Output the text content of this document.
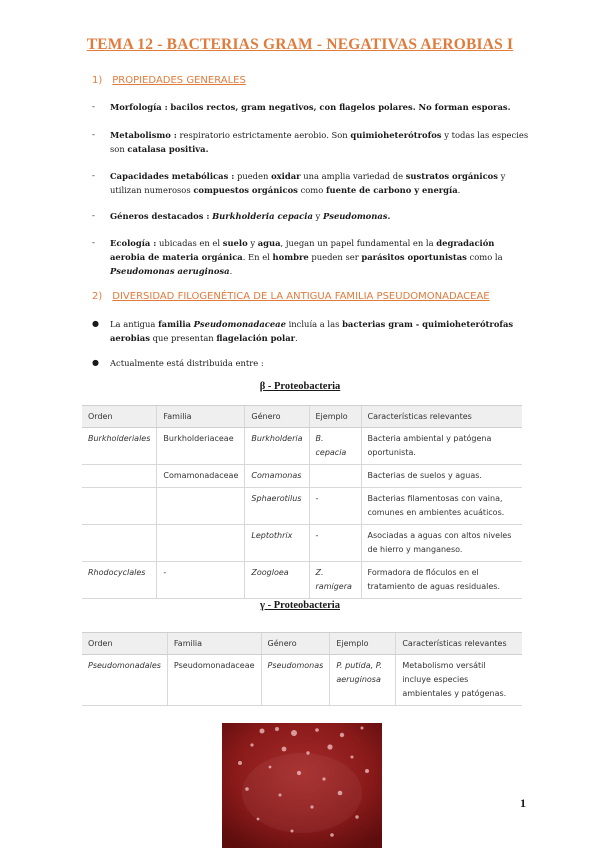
TEMA 12 - BACTERIAS GRAM - NEGATIVAS AEROBIAS I
1) PROPIEDADES GENERALES
- Morfología : bacilos rectos, gram negativos, con flagelos polares. No forman esporas.
- Metabolismo : respiratorio estrictamente aerobio. Son quimioheterótrofos y todas las especies son catalasa positiva.
- Capacidades metabólicas : pueden oxidar una amplia variedad de sustratos orgánicos y utilizan numerosos compuestos orgánicos como fuente de carbono y energía.
- Géneros destacados : Burkholderia cepacia y Pseudomonas.
- Ecología : ubicadas en el suelo y agua, juegan un papel fundamental en la degradación aerobia de materia orgánica. En el hombre pueden ser parásitos oportunistas como la Pseudomonas aeruginosa.
2) DIVERSIDAD FILOGENÉTICA DE LA ANTIGUA FAMILIA PSEUDOMONADACEAE
● La antigua familia Pseudomonadaceae incluía a las bacterias gram - quimioheterótrofas aerobias que presentan flagelación polar.
● Actualmente está distribuida entre :
β - Proteobacteria
Orden	Familia	Género	Ejemplo	Características relevantes
Burkholderiales	Burkholderiaceae	Burkholderia	B. cepacia	Bacteria ambiental y patógena oportunista.
	Comamonadaceae	Comamonas		Bacterias de suelos y aguas.
		Sphaerotilus	-	Bacterias filamentosas con vaina, comunes en ambientes acuáticos.
		Leptothrix	-	Asociadas a aguas con altos niveles de hierro y manganeso.
Rhodocyclales	-	Zoogloea	Z. ramigera	Formadora de flóculos en el tratamiento de aguas residuales.
γ - Proteobacteria
Orden	Familia	Género	Ejemplo	Características relevantes
Pseudomonadales	Pseudomonadaceae	Pseudomonas	P. putida, P. aeruginosa	Metabolismo versátil incluye especies ambientales y patógenas.
1
